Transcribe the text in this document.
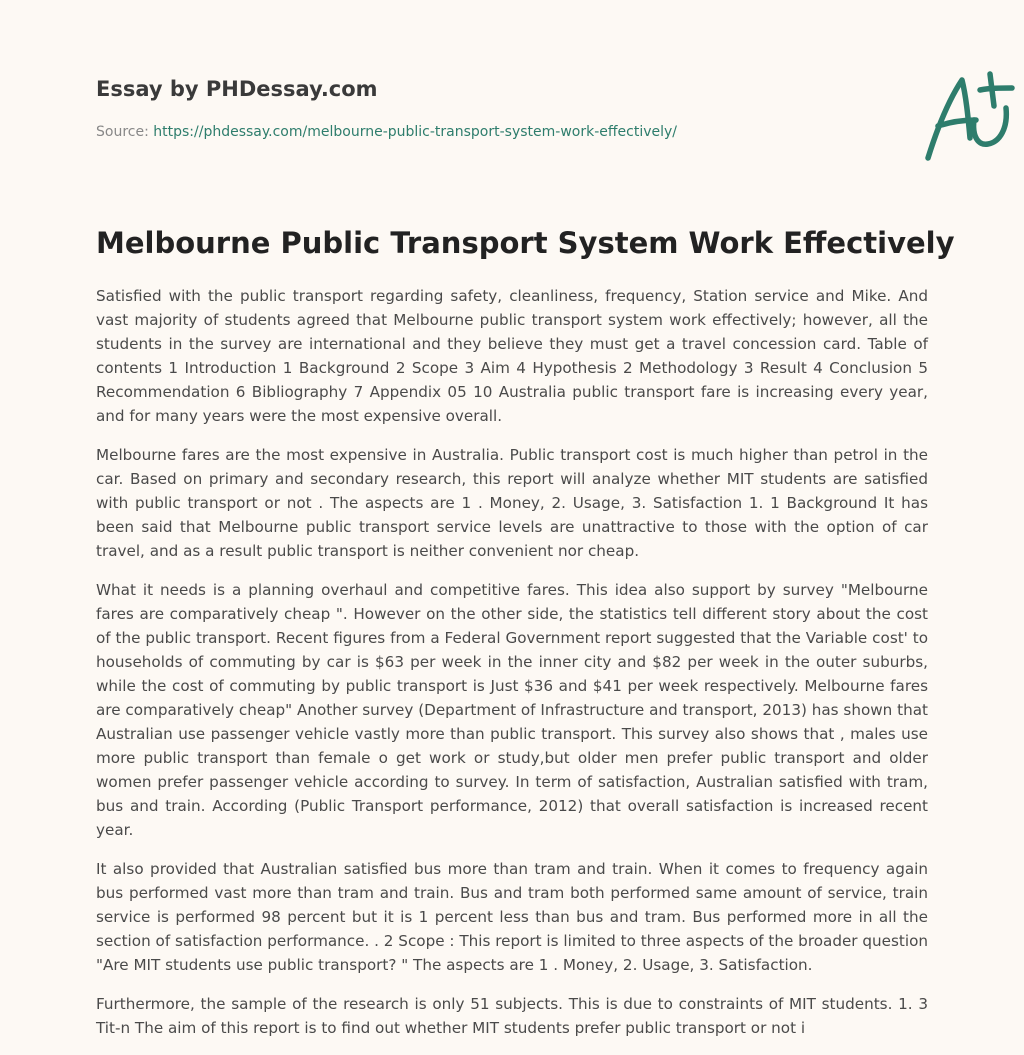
Essay by PHDessay.com
Source: https://phdessay.com/melbourne-public-transport-system-work-effectively/
Melbourne Public Transport System Work Effectively

Satisfied with the public transport regarding safety, cleanliness, frequency, Station service and Mike. And vast majority of students agreed that Melbourne public transport system work effectively; however, all the students in the survey are international and they believe they must get a travel concession card. Table of contents 1 Introduction 1 Background 2 Scope 3 Aim 4 Hypothesis 2 Methodology 3 Result 4 Conclusion 5 Recommendation 6 Bibliography 7 Appendix 05 10 Australia public transport fare is increasing every year, and for many years were the most expensive overall.

Melbourne fares are the most expensive in Australia. Public transport cost is much higher than petrol in the car. Based on primary and secondary research, this report will analyze whether MIT students are satisfied with public transport or not . The aspects are 1 . Money, 2. Usage, 3. Satisfaction 1. 1 Background It has been said that Melbourne public transport service levels are unattractive to those with the option of car travel, and as a result public transport is neither convenient nor cheap.

What it needs is a planning overhaul and competitive fares. This idea also support by survey "Melbourne fares are comparatively cheap ". However on the other side, the statistics tell different story about the cost of the public transport. Recent figures from a Federal Government report suggested that the Variable cost' to households of commuting by car is $63 per week in the inner city and $82 per week in the outer suburbs, while the cost of commuting by public transport is Just $36 and $41 per week respectively. Melbourne fares are comparatively cheap" Another survey (Department of Infrastructure and transport, 2013) has shown that Australian use passenger vehicle vastly more than public transport. This survey also shows that , males use more public transport than female o get work or study,but older men prefer public transport and older women prefer passenger vehicle according to survey. In term of satisfaction, Australian satisfied with tram, bus and train. According (Public Transport performance, 2012) that overall satisfaction is increased recent year.

It also provided that Australian satisfied bus more than tram and train. When it comes to frequency again bus performed vast more than tram and train. Bus and tram both performed same amount of service, train service is performed 98 percent but it is 1 percent less than bus and tram. Bus performed more in all the section of satisfaction performance. . 2 Scope : This report is limited to three aspects of the broader question "Are MIT students use public transport? " The aspects are 1 . Money, 2. Usage, 3. Satisfaction.

Furthermore, the sample of the research is only 51 subjects. This is due to constraints of MIT students. 1. 3 Tit-n The aim of this report is to find out whether MIT students prefer public transport or not i
